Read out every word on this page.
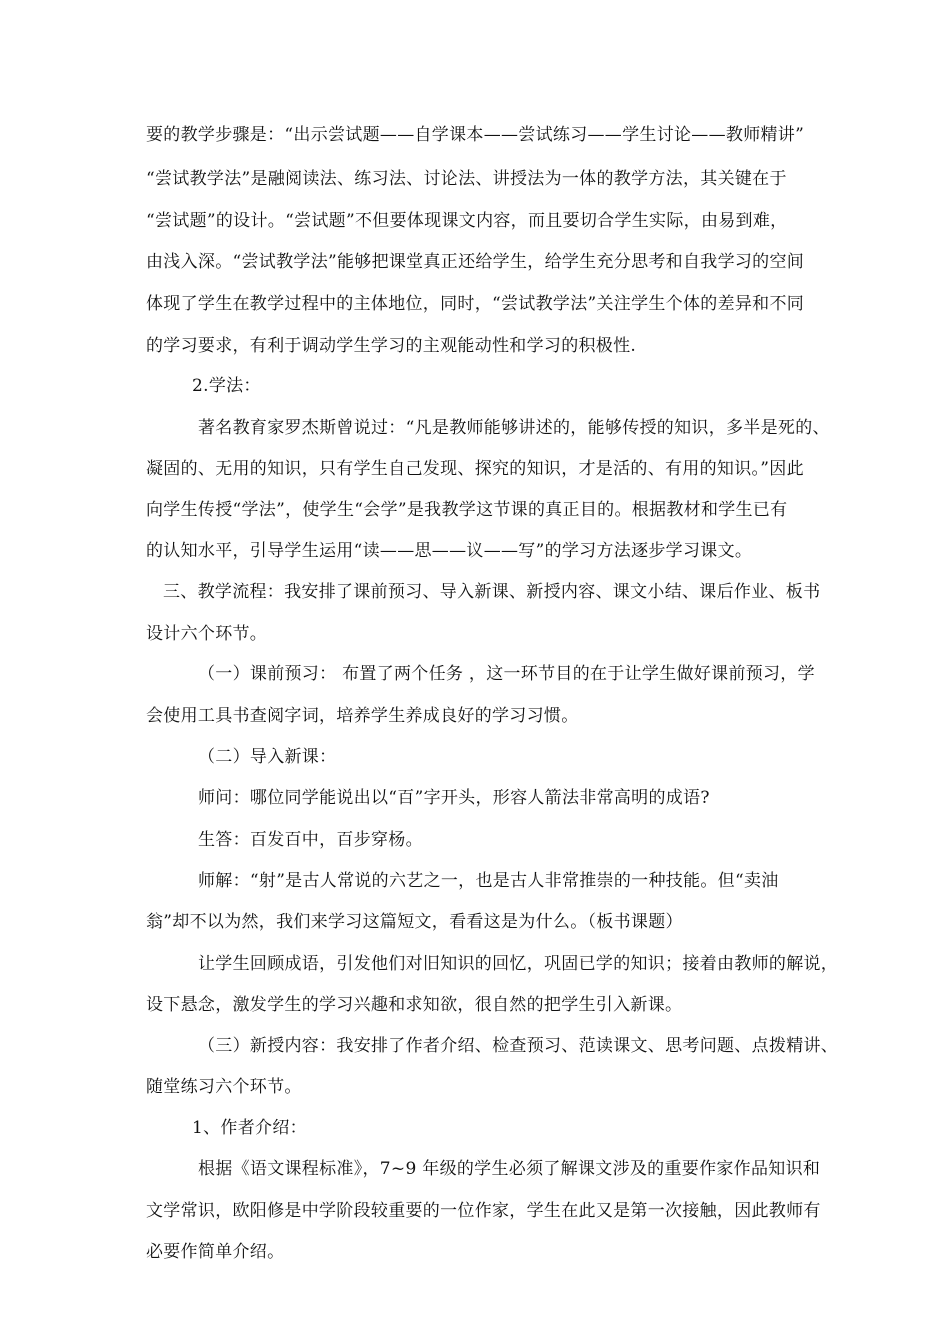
要的教学步骤是：“出示尝试题——自学课本——尝试练习——学生讨论——教师精讲”
“尝试教学法”是融阅读法、练习法、讨论法、讲授法为一体的教学方法，其关键在于
“尝试题”的设计。“尝试题”不但要体现课文内容，而且要切合学生实际，由易到难，
由浅入深。“尝试教学法”能够把课堂真正还给学生，给学生充分思考和自我学习的空间
体现了学生在教学过程中的主体地位，同时，“尝试教学法”关注学生个体的差异和不同
的学习要求，有利于调动学生学习的主观能动性和学习的积极性.
2.学法：
著名教育家罗杰斯曾说过：“凡是教师能够讲述的，能够传授的知识，多半是死的、
凝固的、无用的知识，只有学生自己发现、探究的知识，才是活的、有用的知识。”因此
向学生传授“学法”，使学生“会学”是我教学这节课的真正目的。根据教材和学生已有
的认知水平，引导学生运用“读——思——议——写”的学习方法逐步学习课文。
三、教学流程：我安排了课前预习、导入新课、新授内容、课文小结、课后作业、板书
设计六个环节。
（一）课前预习： 布置了两个任务 ，这一环节目的在于让学生做好课前预习，学
会使用工具书查阅字词，培养学生养成良好的学习习惯。
（二）导入新课：
师问：哪位同学能说出以“百”字开头，形容人箭法非常高明的成语?
生答：百发百中，百步穿杨。
师解：“射”是古人常说的六艺之一，也是古人非常推崇的一种技能。但“卖油
翁”却不以为然，我们来学习这篇短文，看看这是为什么。（板书课题）
让学生回顾成语，引发他们对旧知识的回忆，巩固已学的知识；接着由教师的解说，
设下悬念，激发学生的学习兴趣和求知欲，很自然的把学生引入新课。
（三）新授内容：我安排了作者介绍、检查预习、范读课文、思考问题、点拨精讲、
随堂练习六个环节。
1、作者介绍：
根据《语文课程标准》，7~9 年级的学生必须了解课文涉及的重要作家作品知识和
文学常识，欧阳修是中学阶段较重要的一位作家，学生在此又是第一次接触，因此教师有
必要作简单介绍。
